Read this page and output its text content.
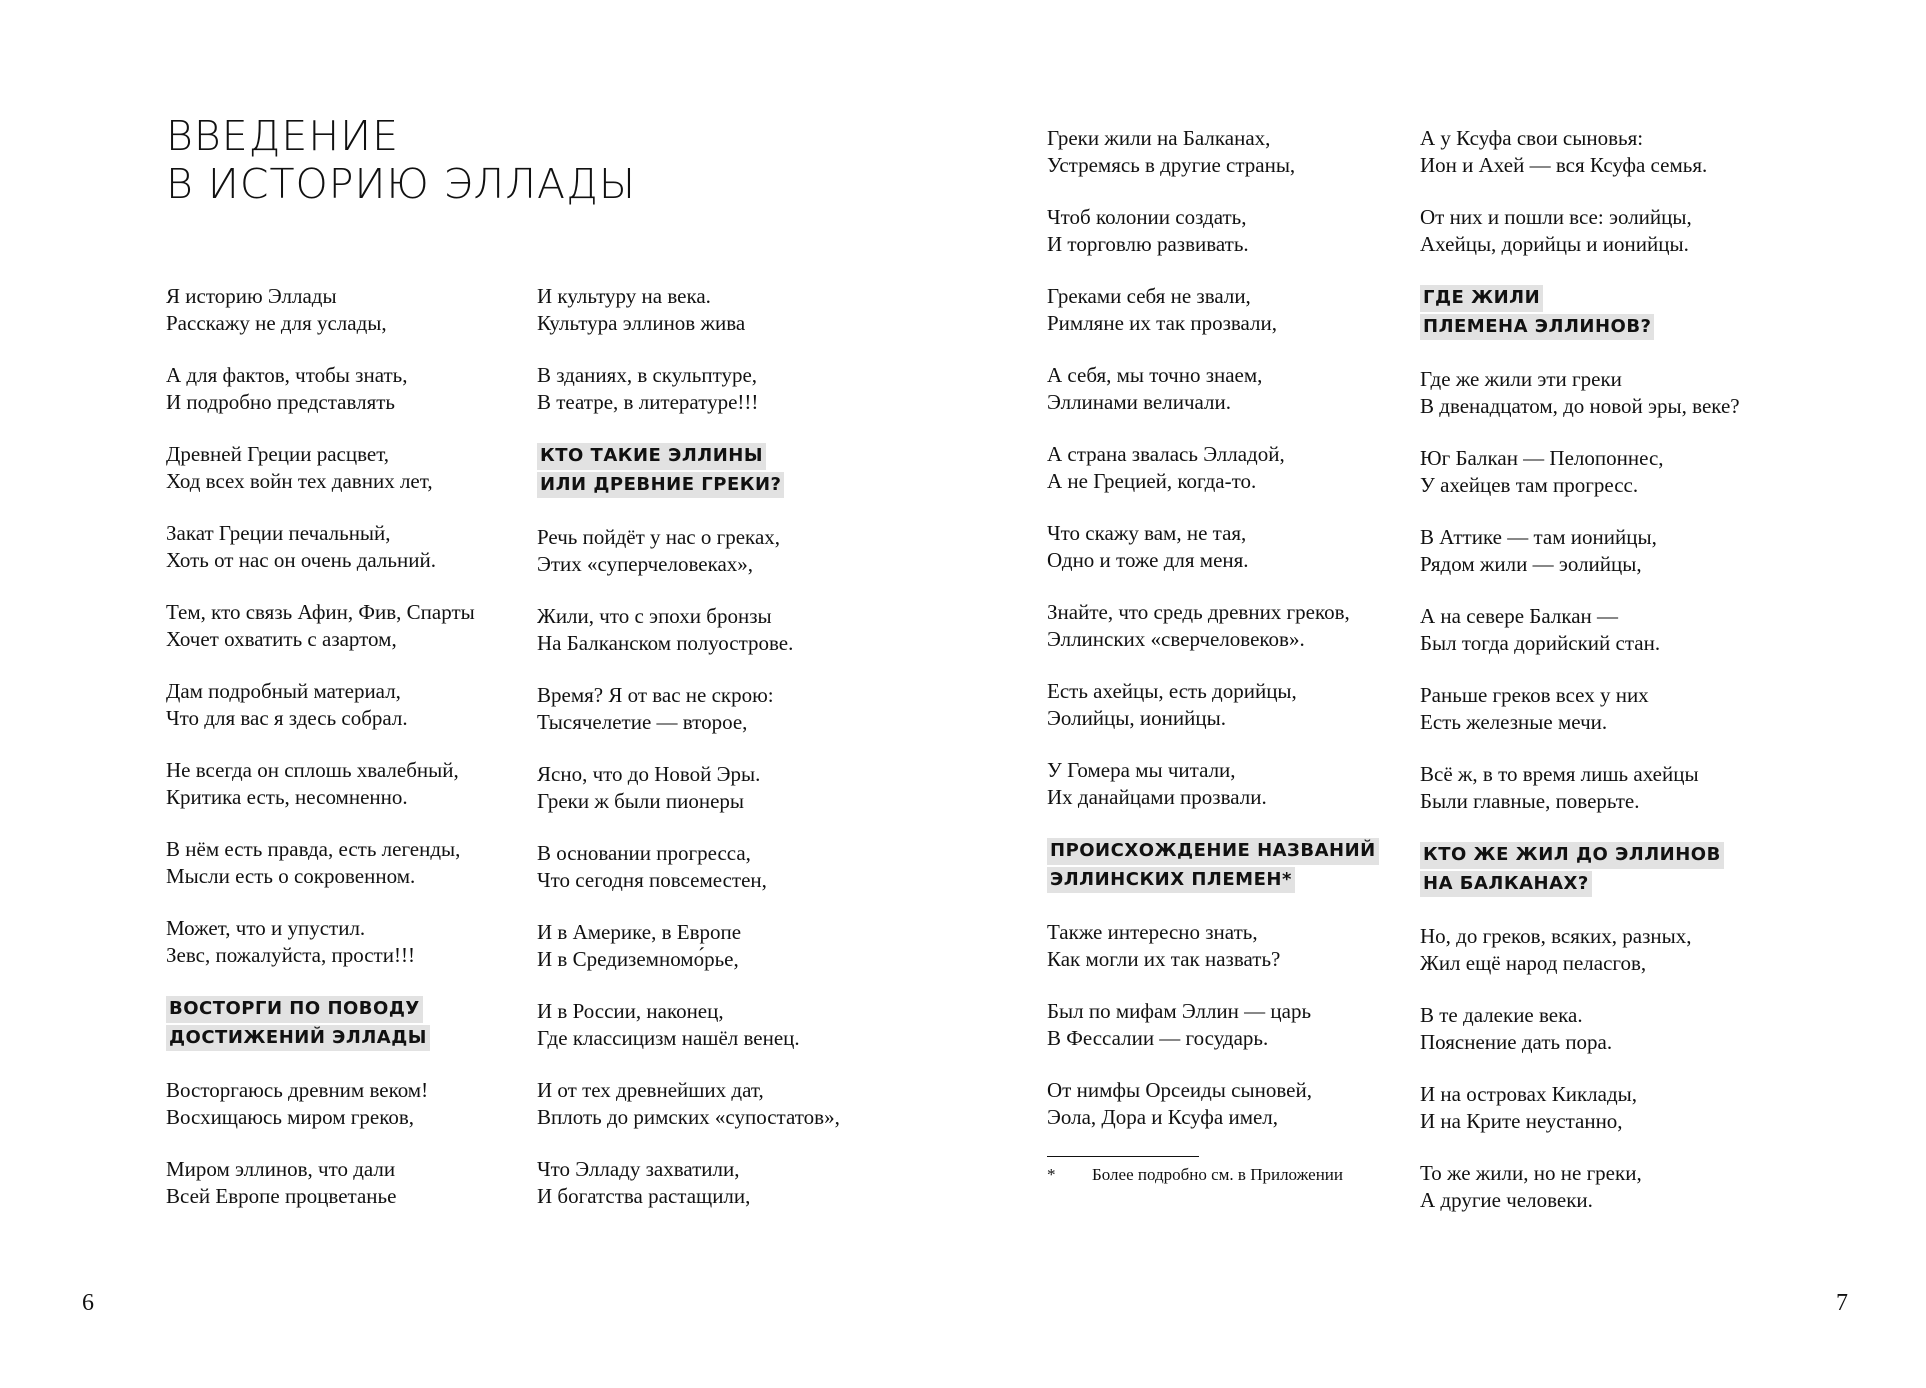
ВВЕДЕНИЕ
В ИСТОРИЮ ЭЛЛАДЫ
Я историю Эллады
Расскажу не для услады,
А для фактов, чтобы знать,
И подробно представлять
Древней Греции расцвет,
Ход всех войн тех давних лет,
Закат Греции печальный,
Хоть от нас он очень дальний.
Тем, кто связь Афин, Фив, Спарты
Хочет охватить с азартом,
Дам подробный материал,
Что для вас я здесь собрал.
Не всегда он сплошь хвалебный,
Критика есть, несомненно.
В нём есть правда, есть легенды,
Мысли есть о сокровенном.
Может, что и упустил.
Зевс, пожалуйста, прости!!!
ВОСТОРГИ ПО ПОВОДУ
ДОСТИЖЕНИЙ ЭЛЛАДЫ
Восторгаюсь древним веком!
Восхищаюсь миром греков,
Миром эллинов, что дали
Всей Европе процветанье
И культуру на века.
Культура эллинов жива
В зданиях, в скульптуре,
В театре, в литературе!!!
КТО ТАКИЕ ЭЛЛИНЫ
ИЛИ ДРЕВНИЕ ГРЕКИ?
Речь пойдёт у нас о греках,
Этих «суперчеловеках»,
Жили, что с эпохи бронзы
На Балканском полуострове.
Время? Я от вас не скрою:
Тысячелетие — второе,
Ясно, что до Новой Эры.
Греки ж были пионеры
В основании прогресса,
Что сегодня повсеместен,
И в Америке, в Европе
И в Средиземномо́рье,
И в России, наконец,
Где классицизм нашёл венец.
И от тех древнейших дат,
Вплоть до римских «супостатов»,
Что Элладу захватили,
И богатства растащили,
Греки жили на Балканах,
Устремясь в другие страны,
Чтоб колонии создать,
И торговлю развивать.
Греками себя не звали,
Римляне их так прозвали,
А себя, мы точно знаем,
Эллинами величали.
А страна звалась Элладой,
А не Грецией, когда-то.
Что скажу вам, не тая,
Одно и тоже для меня.
Знайте, что средь древних греков,
Эллинских «сверчеловеков».
Есть ахейцы, есть дорийцы,
Эолийцы, ионийцы.
У Гомера мы читали,
Их данайцами прозвали.
ПРОИСХОЖДЕНИЕ НАЗВАНИЙ
ЭЛЛИНСКИХ ПЛЕМЕН*
Также интересно знать,
Как могли их так назвать?
Был по мифам Эллин — царь
В Фессалии — государь.
От нимфы Орсеиды сыновей,
Эола, Дора и Ксуфа имел,
* Более подробно см. в Приложении
А у Ксуфа свои сыновья:
Ион и Ахей — вся Ксуфа семья.
От них и пошли все: эолийцы,
Ахейцы, дорийцы и ионийцы.
ГДЕ ЖИЛИ
ПЛЕМЕНА ЭЛЛИНОВ?
Где же жили эти греки
В двенадцатом, до новой эры, веке?
Юг Балкан — Пелопоннес,
У ахейцев там прогресс.
В Аттике — там ионийцы,
Рядом жили — эолийцы,
А на севере Балкан —
Был тогда дорийский стан.
Раньше греков всех у них
Есть железные мечи.
Всё ж, в то время лишь ахейцы
Были главные, поверьте.
КТО ЖЕ ЖИЛ ДО ЭЛЛИНОВ
НА БАЛКАНАХ?
Но, до греков, всяких, разных,
Жил ещё народ пеласгов,
В те далекие века.
Пояснение дать пора.
И на островах Киклады,
И на Крите неустанно,
То же жили, но не греки,
А другие человеки.
6	7
